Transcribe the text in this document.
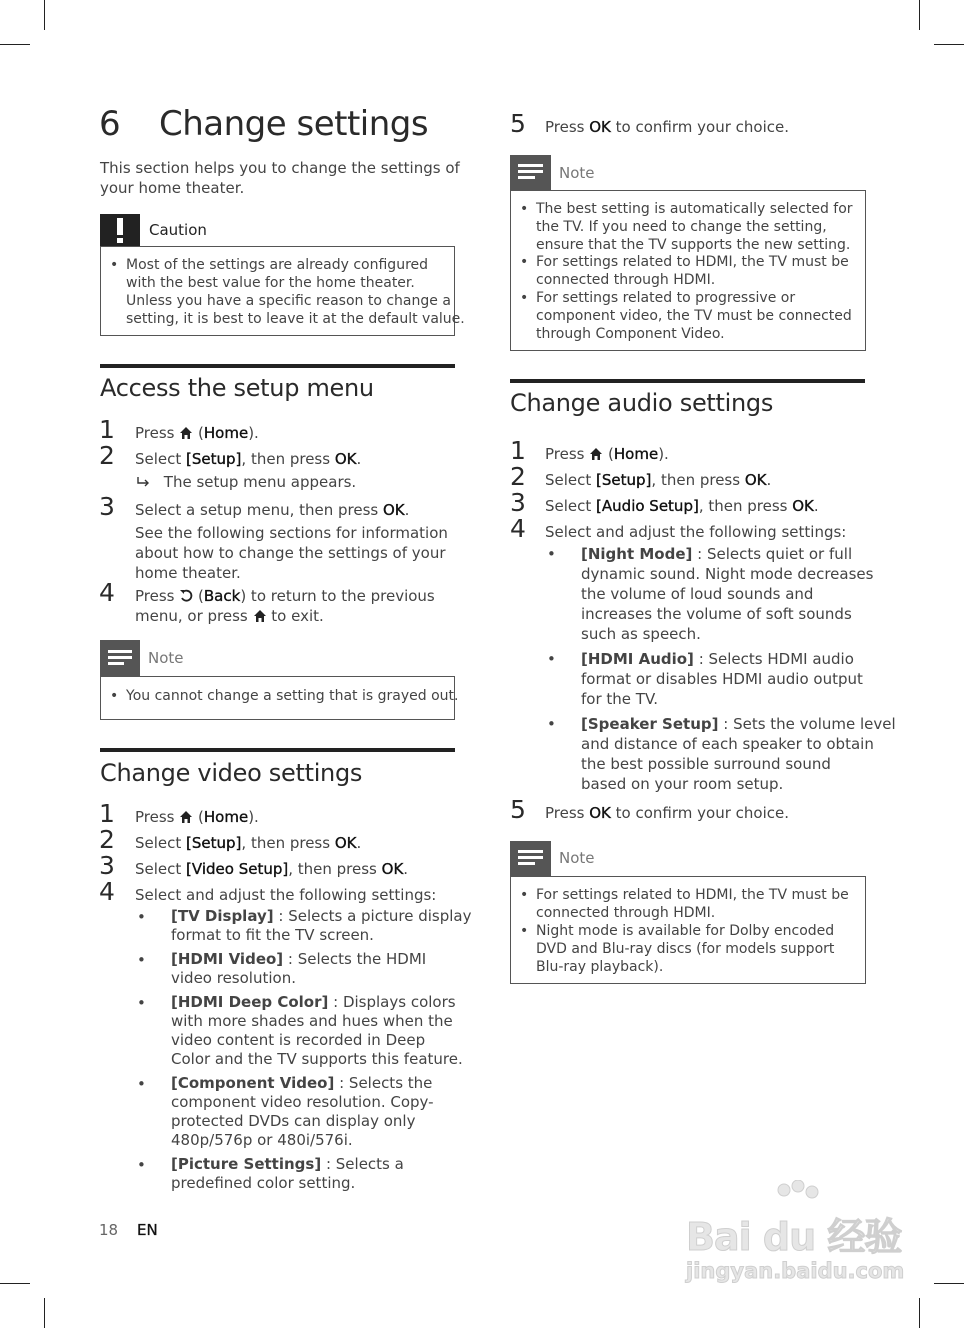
6 Change settings
This section helps you to change the settings of
your home theater.
Caution
• Most of the settings are already configured
with the best value for the home theater.
Unless you have a specific reason to change a
setting, it is best to leave it at the default value.
Access the setup menu
1 Press  (Home).
2 Select [Setup], then press OK.
The setup menu appears.
3 Select a setup menu, then press OK.
See the following sections for information
about how to change the settings of your
home theater.
4 Press  (Back) to return to the previous
menu, or press  to exit.
Note
• You cannot change a setting that is grayed out.
Change video settings
1 Press  (Home).
2 Select [Setup], then press OK.
3 Select [Video Setup], then press OK.
4 Select and adjust the following settings:
• [TV Display] : Selects a picture display
format to fit the TV screen.
• [HDMI Video] : Selects the HDMI
video resolution.
• [HDMI Deep Color] : Displays colors
with more shades and hues when the
video content is recorded in Deep
Color and the TV supports this feature.
• [Component Video] : Selects the
component video resolution. Copy-
protected DVDs can display only
480p/576p or 480i/576i.
• [Picture Settings] : Selects a
predefined color setting.
18 EN
5 Press OK to confirm your choice.
Note
• The best setting is automatically selected for
the TV. If you need to change the setting,
ensure that the TV supports the new setting.
• For settings related to HDMI, the TV must be
connected through HDMI.
• For settings related to progressive or
component video, the TV must be connected
through Component Video.
Change audio settings
1 Press  (Home).
2 Select [Setup], then press OK.
3 Select [Audio Setup], then press OK.
4 Select and adjust the following settings:
• [Night Mode] : Selects quiet or full
dynamic sound. Night mode decreases
the volume of loud sounds and
increases the volume of soft sounds
such as speech.
• [HDMI Audio] : Selects HDMI audio
format or disables HDMI audio output
for the TV.
• [Speaker Setup] : Sets the volume level
and distance of each speaker to obtain
the best possible surround sound
based on your room setup.
5 Press OK to confirm your choice.
Note
• For settings related to HDMI, the TV must be
connected through HDMI.
• Night mode is available for Dolby encoded
DVD and Blu-ray discs (for models support
Blu-ray playback).
Bai du 经验
jingyan.baidu.com
